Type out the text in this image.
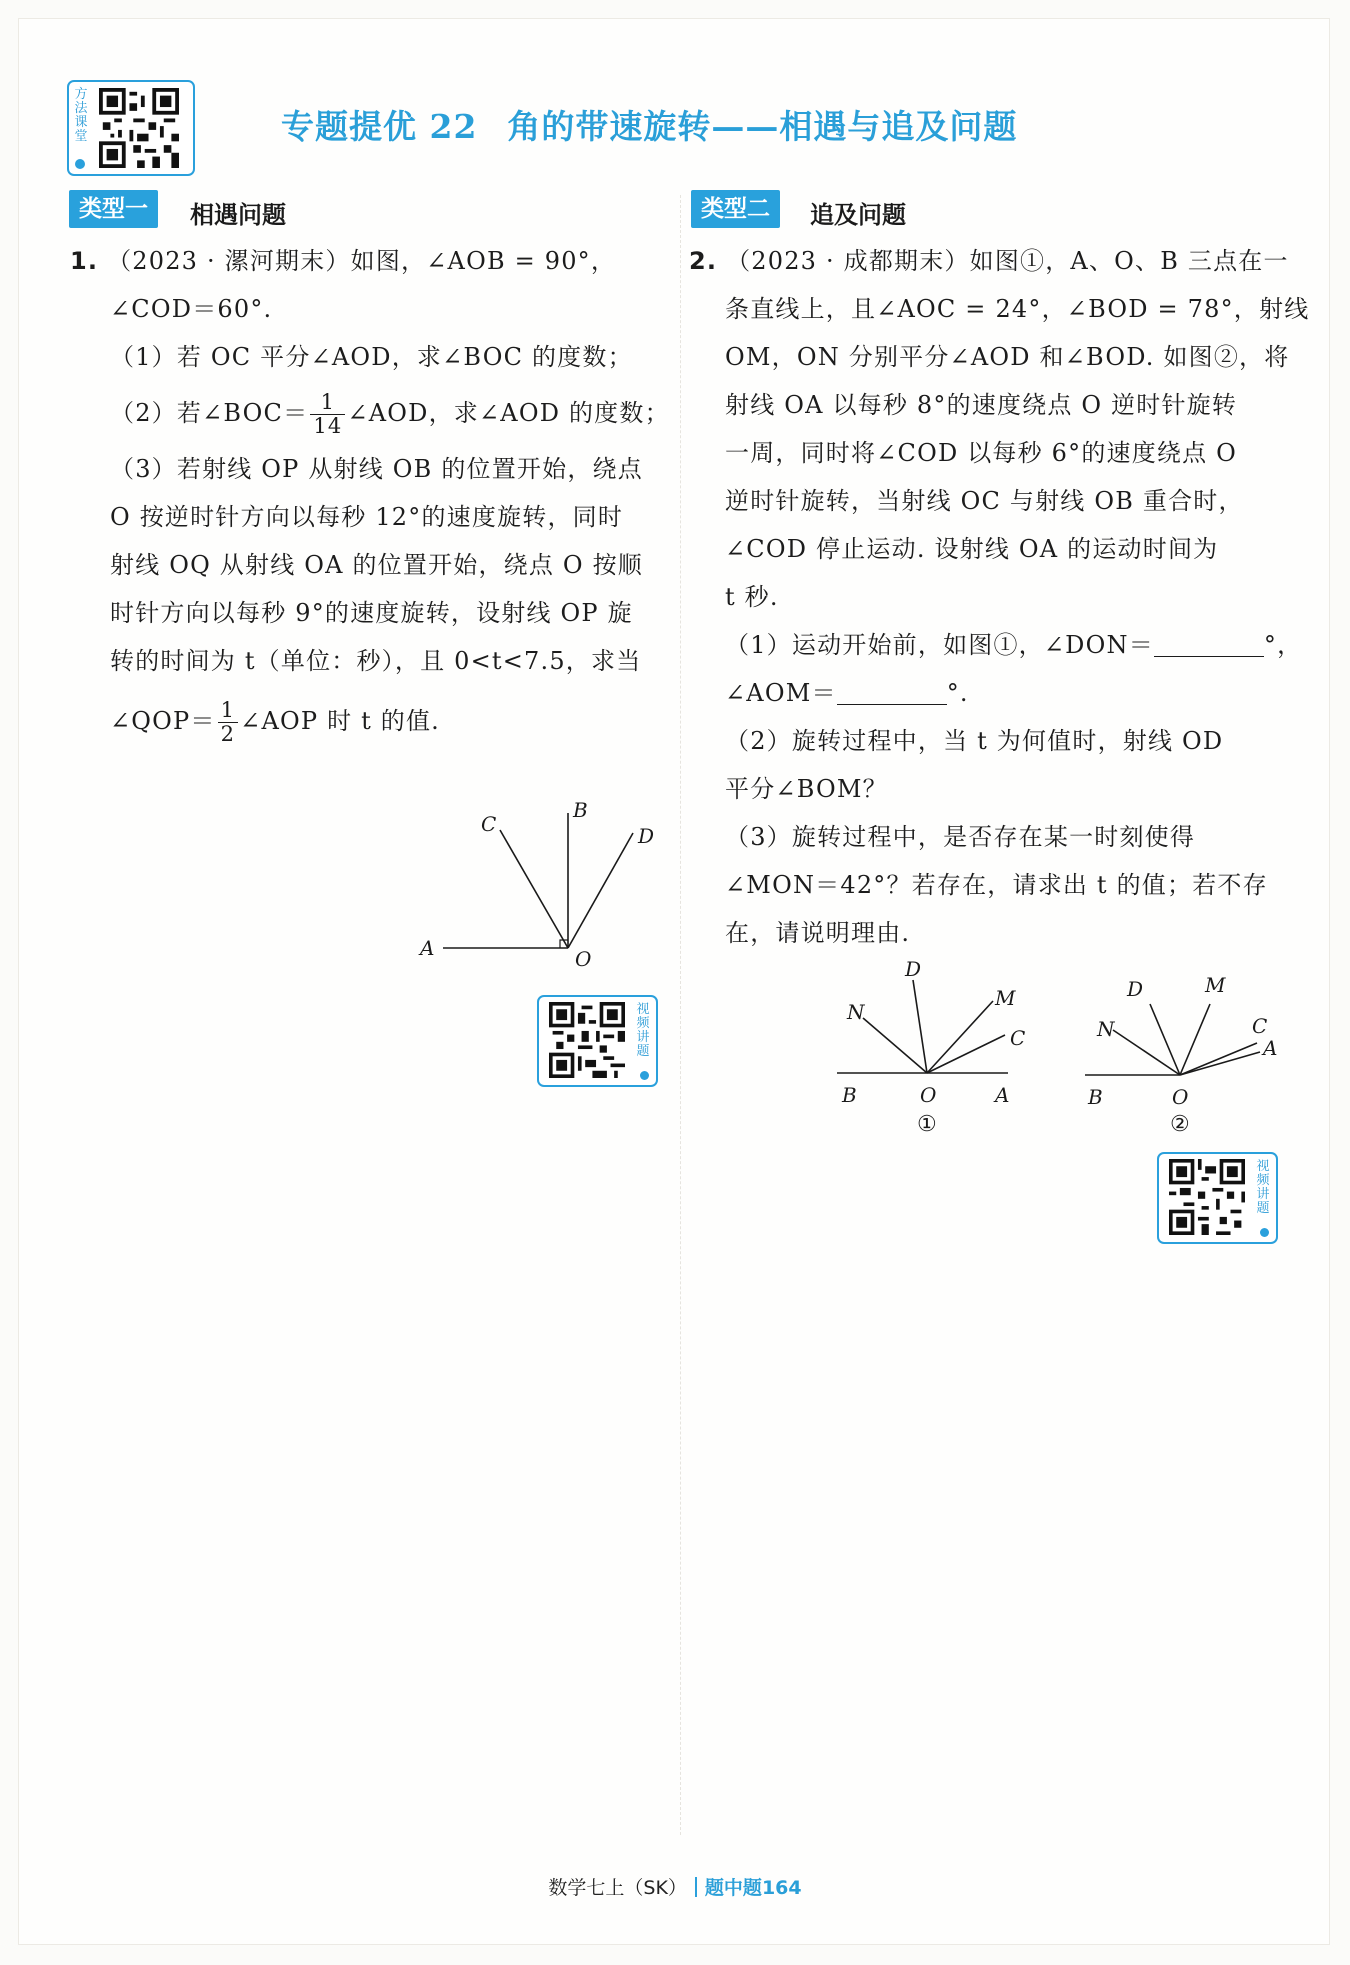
方法课堂	专题提优 22 角的带速旋转——相遇与追及问题
类型一	相遇问题
1. （2023 · 漯河期末）如图，∠AOB = 90°，
∠COD＝60°.
（1）若 OC 平分∠AOD，求∠BOC 的度数；
（2）若∠BOC＝ $\frac{1}{14}$ ∠AOD，求∠AOD 的度数；
（3）若射线 OP 从射线 OB 的位置开始，绕点
O 按逆时针方向以每秒 12°的速度旋转，同时
射线 OQ 从射线 OA 的位置开始，绕点 O 按顺
时针方向以每秒 9°的速度旋转，设射线 OP 旋
转的时间为 t（单位：秒），且 0<t<7.5，求当
∠QOP＝ $\frac{1}{2}$ ∠AOP 时 t 的值.
A
B
C	D
O
视频讲题
类型二	追及问题
2. （2023 · 成都期末）如图①，A、O、B 三点在一
条直线上，且∠AOC = 24°，∠BOD = 78°，射线
OM，ON 分别平分∠AOD 和∠BOD. 如图②，将
射线 OA 以每秒 8°的速度绕点 O 逆时针旋转
一周，同时将∠COD 以每秒 6°的速度绕点 O
逆时针旋转，当射线 OC 与射线 OB 重合时，
∠COD 停止运动. 设射线 OA 的运动时间为
t 秒.
（1）运动开始前，如图①，∠DON＝	°，
∠AOM＝	°.
（2）旋转过程中，当 t 为何值时，射线 OD
平分∠BOM？
（3）旋转过程中，是否存在某一时刻使得
∠MON＝42°？若存在，请求出 t 的值；若不存
在，请说明理由.
B	O	A
D
N
M
C
①
B	O
D	M
N	C
A
②
视频讲题
数学七上（SK） 题中题164
